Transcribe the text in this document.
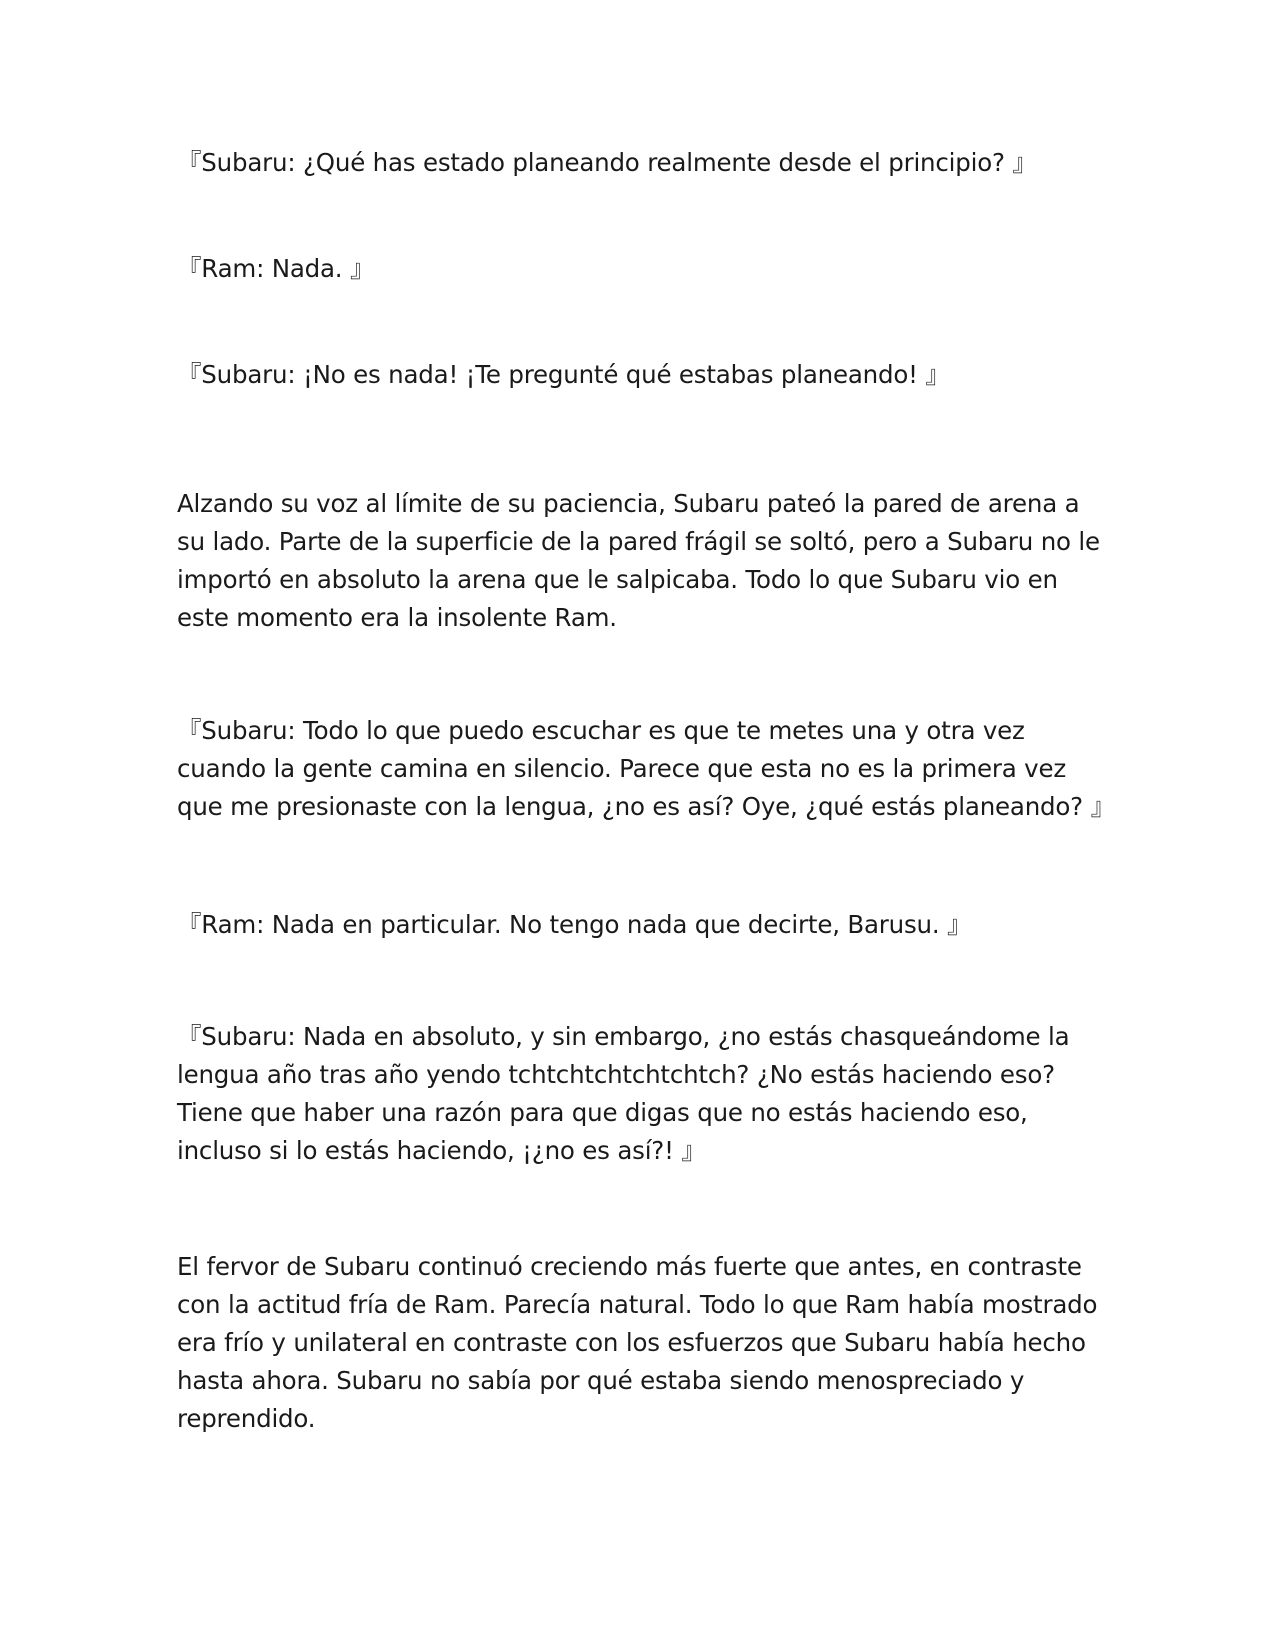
『Subaru: ¿Qué has estado planeando realmente desde el principio? 』

『Ram: Nada. 』

『Subaru: ¡No es nada! ¡Te pregunté qué estabas planeando! 』

Alzando su voz al límite de su paciencia, Subaru pateó la pared de arena a su lado. Parte de la superficie de la pared frágil se soltó, pero a Subaru no le importó en absoluto la arena que le salpicaba. Todo lo que Subaru vio en este momento era la insolente Ram.

『Subaru: Todo lo que puedo escuchar es que te metes una y otra vez cuando la gente camina en silencio. Parece que esta no es la primera vez que me presionaste con la lengua, ¿no es así? Oye, ¿qué estás planeando? 』

『Ram: Nada en particular. No tengo nada que decirte, Barusu. 』

『Subaru: Nada en absoluto, y sin embargo, ¿no estás chasqueándome la lengua año tras año yendo tchtchtchtchtchtch? ¿No estás haciendo eso? Tiene que haber una razón para que digas que no estás haciendo eso, incluso si lo estás haciendo, ¡¿no es así?! 』

El fervor de Subaru continuó creciendo más fuerte que antes, en contraste con la actitud fría de Ram. Parecía natural. Todo lo que Ram había mostrado era frío y unilateral en contraste con los esfuerzos que Subaru había hecho hasta ahora. Subaru no sabía por qué estaba siendo menospreciado y reprendido.
